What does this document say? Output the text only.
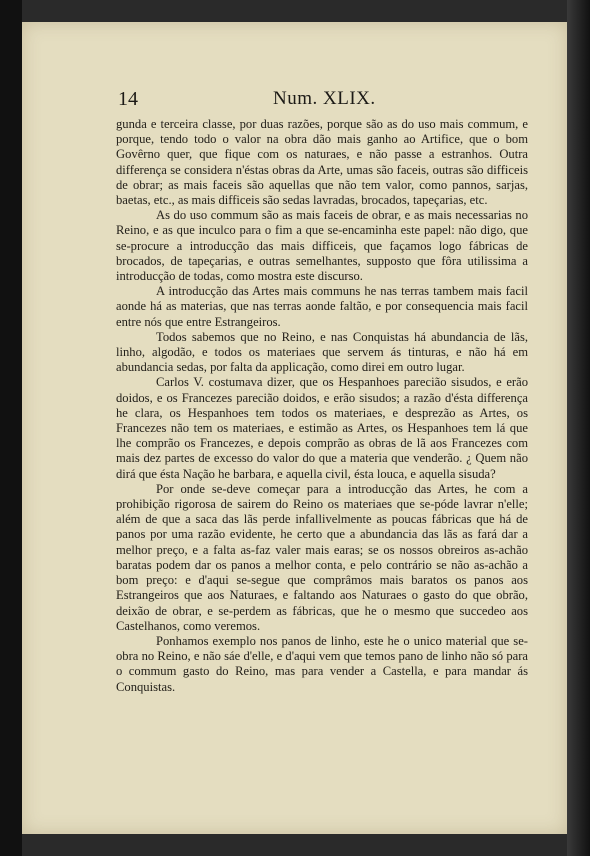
14	Num. XLIX.

gunda e terceira classe, por duas razões, porque são as do uso mais commum, e porque, tendo todo o valor na obra dão mais ganho ao Artifice, que o bom Govêrno quer, que fique com os naturaes, e não passe a estranhos. Outra differença se considera n'éstas obras da Arte, umas são faceis, outras são difficeis de obrar; as mais faceis são aquellas que não tem valor, como pannos, sarjas, baetas, etc., as mais difficeis são sedas lavradas, brocados, tapeçarias, etc.

As do uso commum são as mais faceis de obrar, e as mais necessarias no Reino, e as que inculco para o fim a que se-encaminha este papel: não digo, que se-procure a introducção das mais difficeis, que façamos logo fábricas de brocados, de tapeçarias, e outras semelhantes, supposto que fôra utilissima a introducção de todas, como mostra este discurso.

A introducção das Artes mais communs he nas terras tambem mais facil aonde há as materias, que nas terras aonde faltão, e por consequencia mais facil entre nós que entre Estrangeiros.

Todos sabemos que no Reino, e nas Conquistas há abundancia de lãs, linho, algodão, e todos os materiaes que servem ás tinturas, e não há em abundancia sedas, por falta da applicação, como direi em outro lugar.

Carlos V. costumava dizer, que os Hespanhoes parecião sisudos, e erão doidos, e os Francezes parecião doidos, e erão sisudos; a razão d'ésta differença he clara, os Hespanhoes tem todos os materiaes, e desprezão as Artes, os Francezes não tem os materiaes, e estimão as Artes, os Hespanhoes tem lá que lhe comprão os Francezes, e depois comprão as obras de lã aos Francezes com mais dez partes de excesso do valor do que a materia que venderão. ¿ Quem não dirá que ésta Nação he barbara, e aquella civil, ésta louca, e aquella sisuda?

Por onde se-deve começar para a introducção das Artes, he com a prohibição rigorosa de sairem do Reino os materiaes que se-póde lavrar n'elle; além de que a saca das lãs perde infallivelmente as poucas fábricas que há de panos por uma razão evidente, he certo que a abundancia das lãs as fará dar a melhor preço, e a falta as-faz valer mais earas; se os nossos obreiros as-achão baratas podem dar os panos a melhor conta, e pelo contrário se não as-achão a bom preço: e d'aqui se-segue que comprâmos mais baratos os panos aos Estrangeiros que aos Naturaes, e faltando aos Naturaes o gasto do que obrão, deixão de obrar, e se-perdem as fábricas, que he o mesmo que succedeo aos Castelhanos, como veremos.

Ponhamos exemplo nos panos de linho, este he o unico material que se-obra no Reino, e não sáe d'elle, e d'aqui vem que temos pano de linho não só para o commum gasto do Reino, mas para vender a Castella, e para mandar ás Conquistas.
